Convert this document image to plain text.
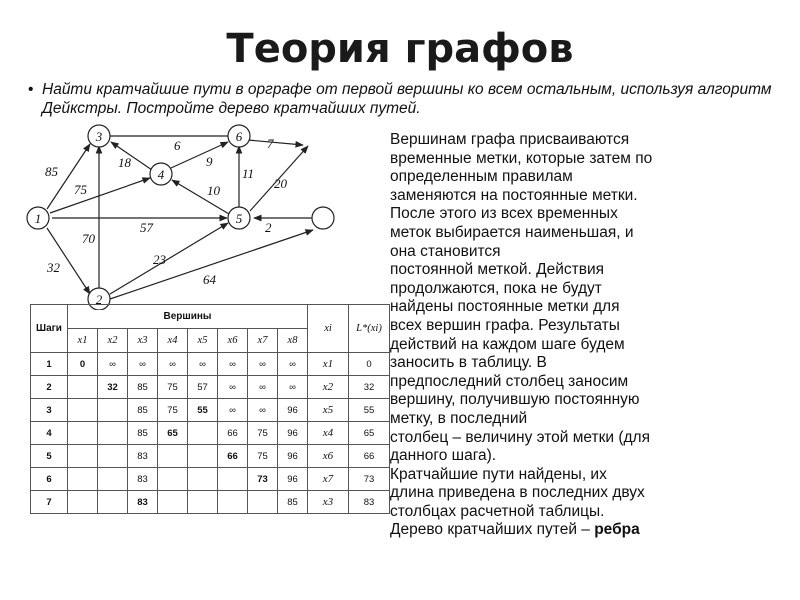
Теория графов
• Найти кратчайшие пути в орграфе от первой вершины ко всем остальным, используя алгоритм Дейкстры. Постройте дерево кратчайших путей.
1
2
3
4
5
6
85
6	7
18	9
75	10
11
20
57	2
70
23
32
64
Шаги	Вершины								xi	L*(xi)
	x1	x2	x3	x4	x5	x6	x7	x8		
1	0	∞	∞	∞	∞	∞	∞	∞	x1	0
2		32	85	75	57	∞	∞	∞	x2	32
3			85	75	55	∞	∞	96	x5	55
4			85	65		66	75	96	x4	65
5			83			66	75	96	x6	66
6			83				73	96	x7	73
7			83					85	x3	83
Вершинам графа присваиваются
временные метки, которые затем по
определенным правилам
заменяются на постоянные метки.
После этого из всех временных
меток выбирается наименьшая, и
она становится
постоянной меткой. Действия
продолжаются, пока не будут
найдены постоянные метки для
всех вершин графа. Результаты
действий на каждом шаге будем
заносить в таблицу. В
предпоследний столбец заносим
вершину, получившую постоянную
метку, в последний
столбец – величину этой метки (для
данного шага).
Кратчайшие пути найдены, их
длина приведена в последних двух
столбцах расчетной таблицы.
Дерево кратчайших путей – ребра
